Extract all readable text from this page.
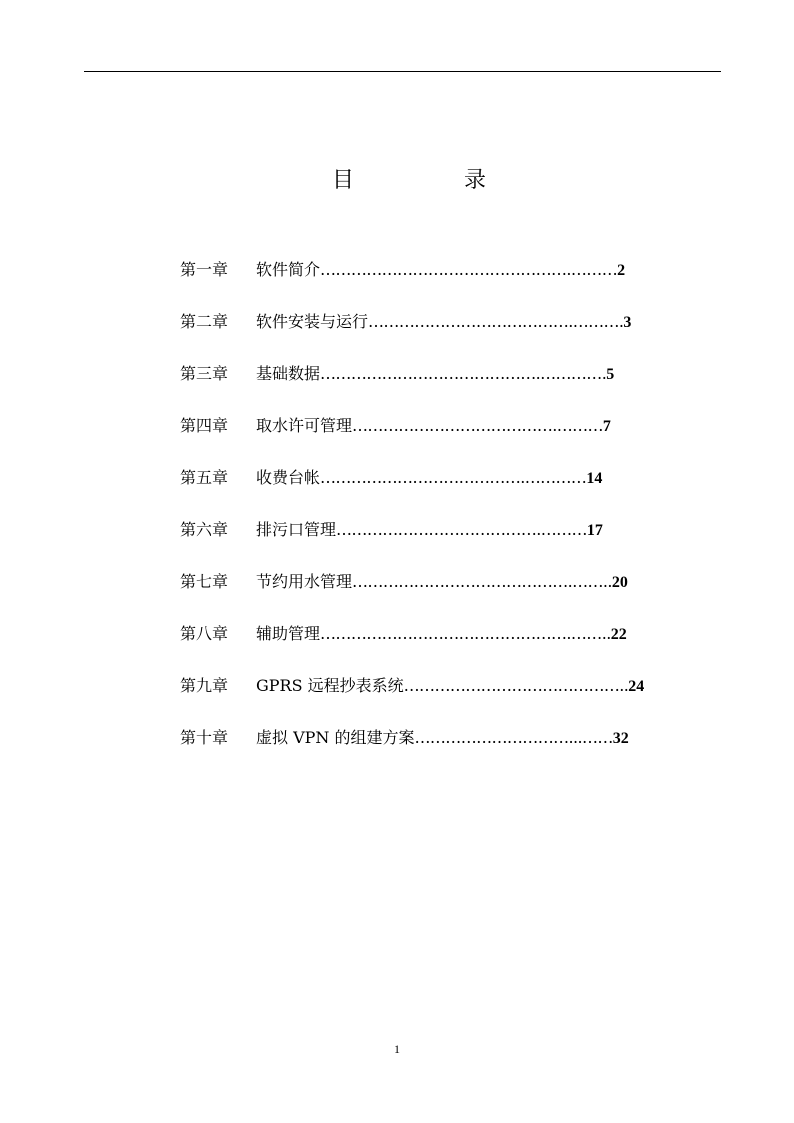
目　　　　　录
第一章 软件简介………………………………………….………2
第二章 软件安装与运行………………………………….……….3
第三章 基础数据…………………………………….………….5
第四章 取水许可管理………………………………….………7
第五章 收费台帐………………………………….…………14
第六章 排污口管理………………………………….………17
第七章 节约用水管理…………………………………….……..20
第八章 辅助管理………………………………………….……..22
第九章 GPRS 远程抄表系统……………………………………..24
第十章 虚拟 VPN 的组建方案…………………………...……32
1
